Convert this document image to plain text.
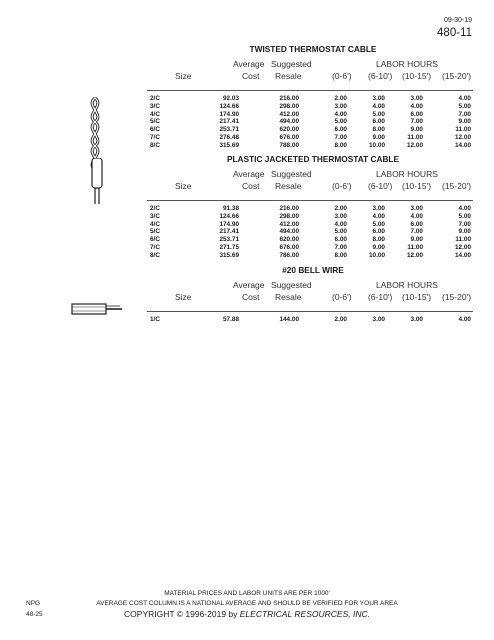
09-30-19
480-11
TWISTED THERMOSTAT CABLE
Average Suggested	LABOR HOURS
Size	Cost Resale	(0-6') (6-10') (10-15') (15-20')
2/C	92.03	216.00	2.00	3.00	3.00	4.00
3/C	124.66	298.00	3.00	4.00	4.00	5.00
4/C	174.90	412.00	4.00	5.00	6.00	7.00
5/C	217.41	494.00	5.00	6.00	7.00	9.00
6/C	253.71	620.00	6.00	8.00	9.00	11.00
7/C	276.48	676.00	7.00	9.00	11.00	12.00
8/C	315.69	788.00	8.00	10.00	12.00	14.00
PLASTIC JACKETED THERMOSTAT CABLE
Average Suggested	LABOR HOURS
Size	Cost Resale	(0-6') (6-10') (10-15') (15-20')
2/C	91.38	216.00	2.00	3.00	3.00	4.00
3/C	124.66	298.00	3.00	4.00	4.00	5.00
4/C	174.90	412.00	4.00	5.00	6.00	7.00
5/C	217.41	494.00	5.00	6.00	7.00	9.00
6/C	253.71	620.00	6.00	8.00	9.00	11.00
7/C	271.75	676.00	7.00	9.00	11.00	12.00
8/C	315.69	786.00	8.00	10.00	12.00	14.00
#20 BELL WIRE
Average Suggested	LABOR HOURS
Size	Cost Resale	(0-6') (6-10') (10-15') (15-20')
1/C	57.88	144.00	2.00	3.00	3.00	4.00
MATERIAL PRICES AND LABOR UNITS ARE PER 1000'
AVERAGE COST COLUMN IS A NATIONAL AVERAGE AND SHOULD BE VERIFIED FOR YOUR AREA
COPYRIGHT © 1996-2019 by ELECTRICAL RESOURCES, INC.
NPG
48-25
